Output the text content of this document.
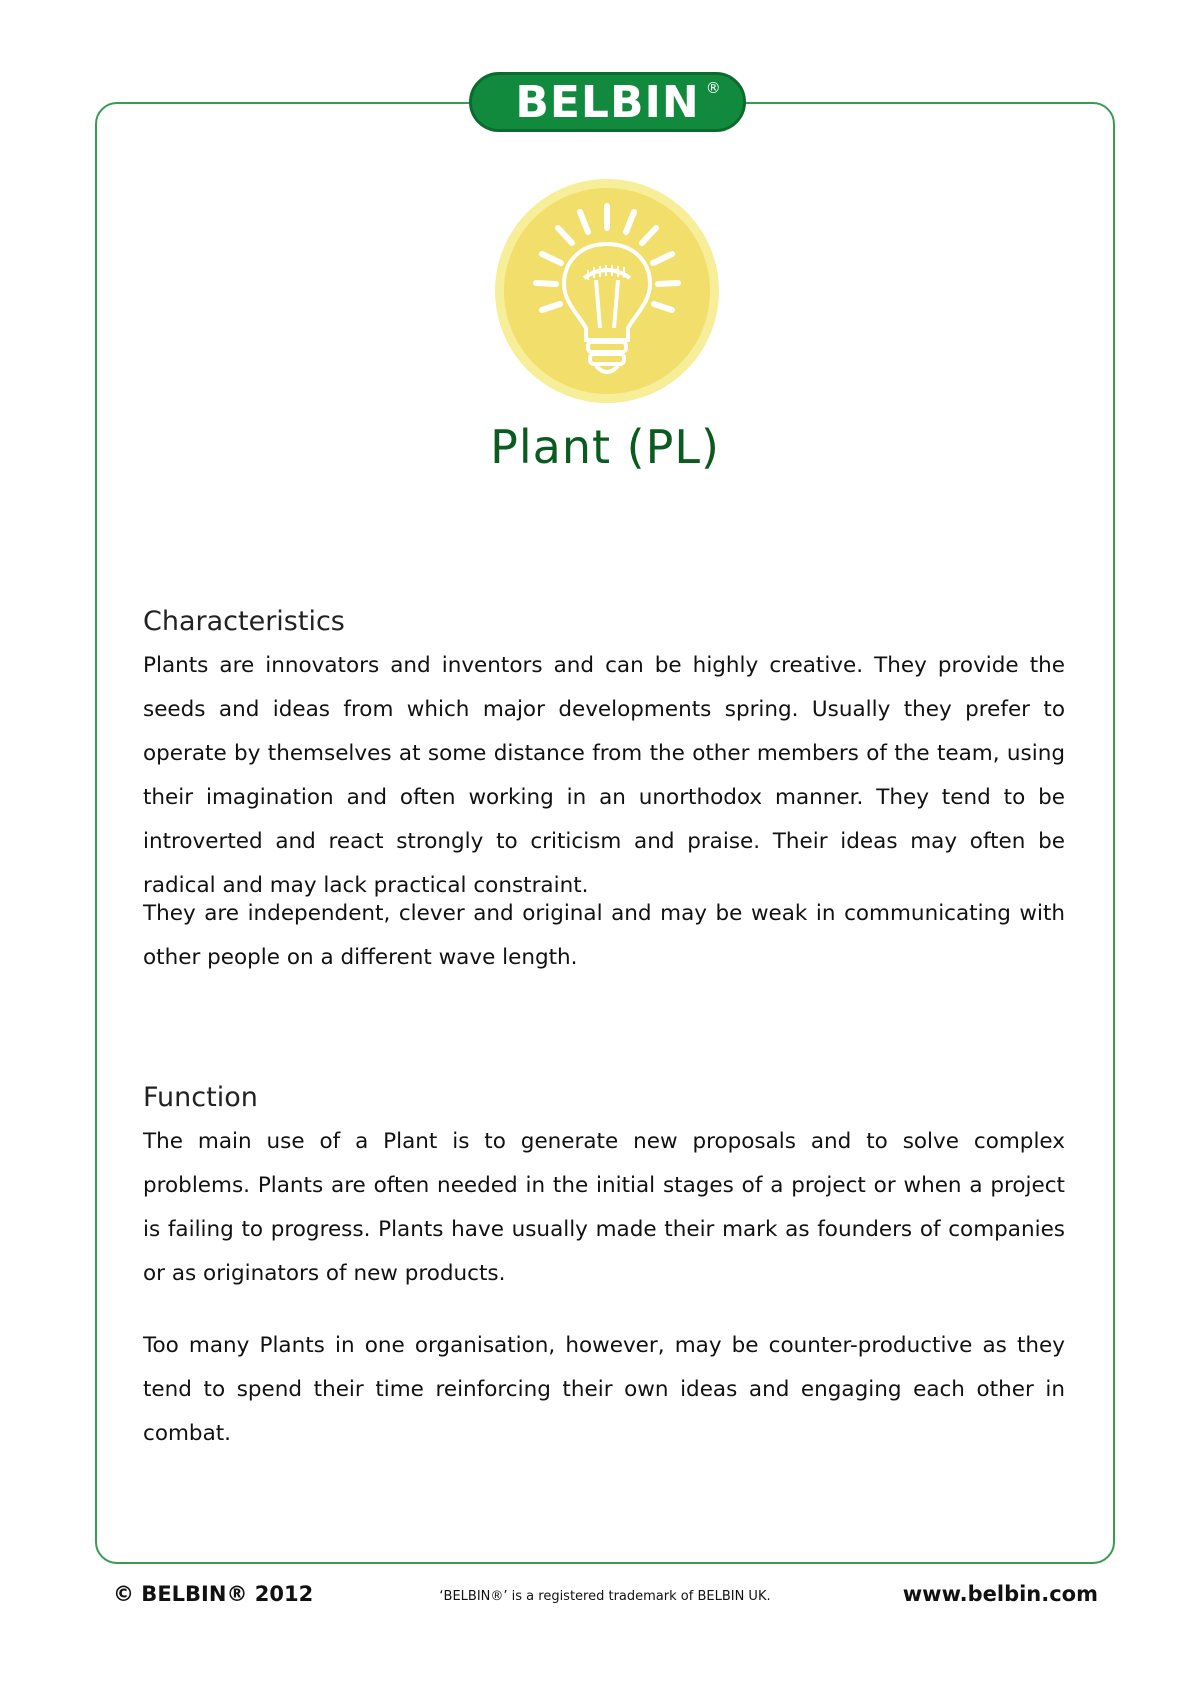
BELBIN ®
Plant (PL)
Characteristics

Plants are innovators and inventors and can be highly creative. They provide the seeds and ideas from which major developments spring. Usually they prefer to operate by themselves at some distance from the other members of the team, using their imagination and often working in an unorthodox manner. They tend to be introverted and react strongly to criticism and praise. Their ideas may often be radical and may lack practical constraint.

They are independent, clever and original and may be weak in communicating with other people on a different wave length.

Function

The main use of a Plant is to generate new proposals and to solve complex problems. Plants are often needed in the initial stages of a project or when a project is failing to progress. Plants have usually made their mark as founders of companies or as originators of new products.

Too many Plants in one organisation, however, may be counter-productive as they tend to spend their time reinforcing their own ideas and engaging each other in combat.

© BELBIN® 2012	‘BELBIN®’ is a registered trademark of BELBIN UK.	www.belbin.com
